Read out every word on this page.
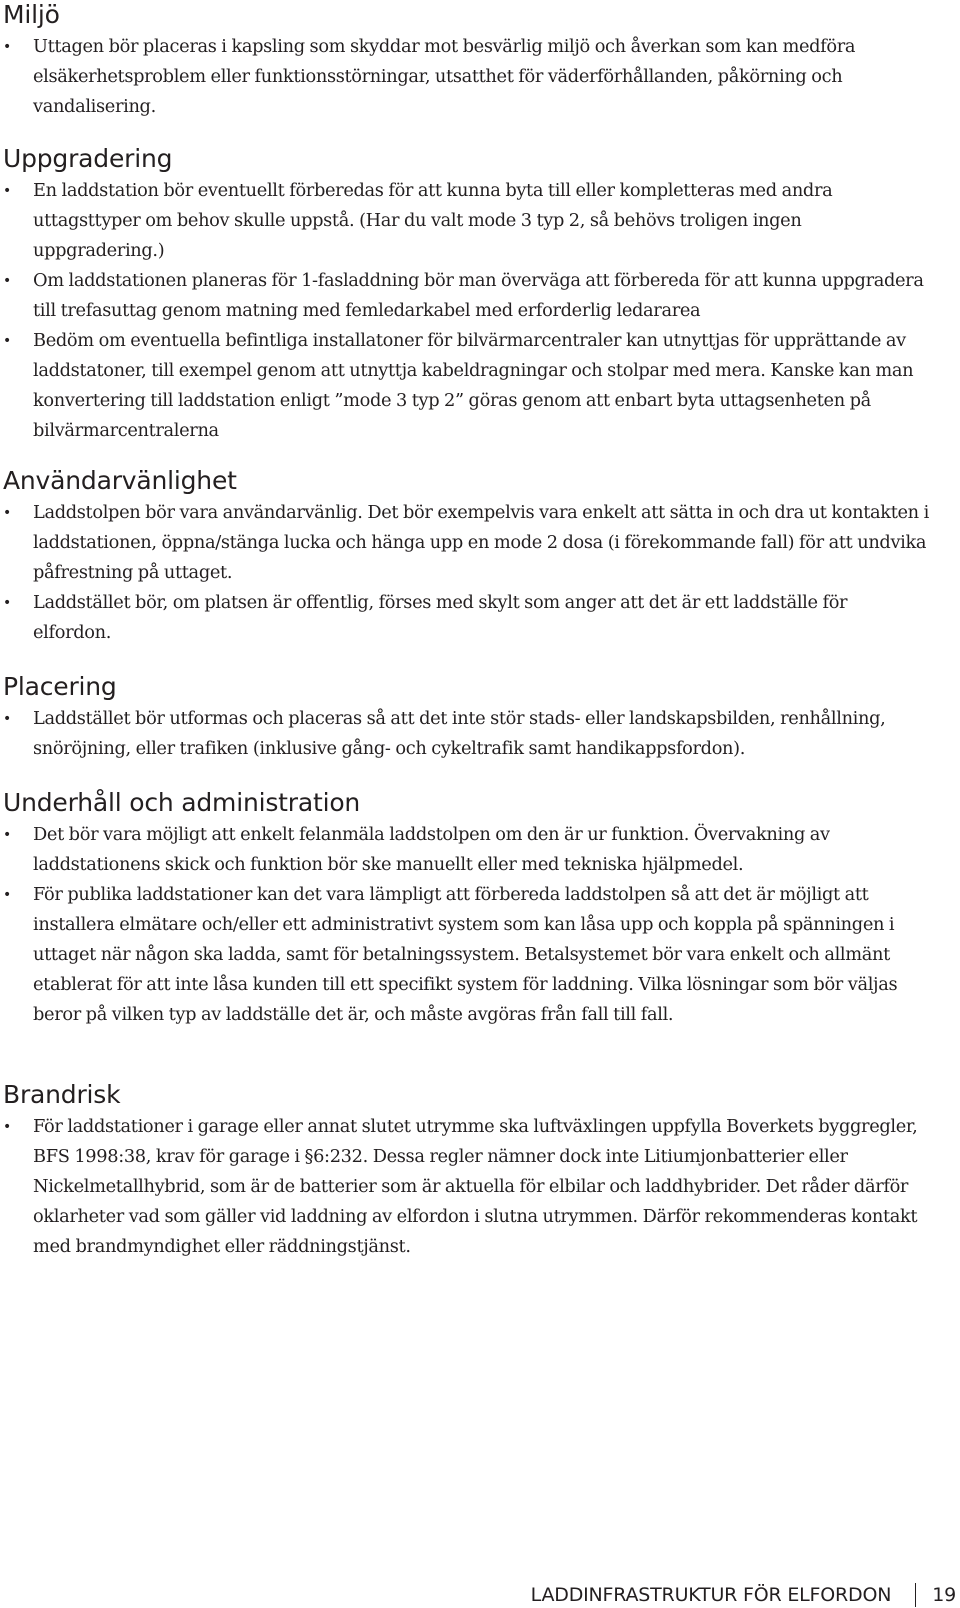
Miljö
• Uttagen bör placeras i kapsling som skyddar mot besvärlig miljö och åverkan som kan medföra elsäkerhetsproblem eller funktionsstörningar, utsatthet för väderförhållanden, påkörning och vandalisering.
Uppgradering
• En laddstation bör eventuellt förberedas för att kunna byta till eller kompletteras med andra uttagsttyper om behov skulle uppstå. (Har du valt mode 3 typ 2, så behövs troligen ingen uppgradering.)
• Om laddstationen planeras för 1-fasladdning bör man överväga att förbereda för att kunna uppgradera till trefasuttag genom matning med femledarkabel med erforderlig ledararea
• Bedöm om eventuella befintliga installatoner för bilvärmarcentraler kan utnyttjas för upprättande av laddstatoner, till exempel genom att utnyttja kabeldragningar och stolpar med mera. Kanske kan man konvertering till laddstation enligt ”mode 3 typ 2” göras genom att enbart byta uttagsenheten på bilvärmarcentralerna
Användarvänlighet
• Laddstolpen bör vara användarvänlig. Det bör exempelvis vara enkelt att sätta in och dra ut kontakten i laddstationen, öppna/stänga lucka och hänga upp en mode 2 dosa (i förekommande fall) för att undvika påfrestning på uttaget.
• Laddstället bör, om platsen är offentlig, förses med skylt som anger att det är ett laddställe för elfordon.
Placering
• Laddstället bör utformas och placeras så att det inte stör stads- eller landskapsbilden, renhållning, snöröjning, eller trafiken (inklusive gång- och cykeltrafik samt handikappsfordon).
Underhåll och administration
• Det bör vara möjligt att enkelt felanmäla laddstolpen om den är ur funktion. Övervakning av laddstationens skick och funktion bör ske manuellt eller med tekniska hjälpmedel.
• För publika laddstationer kan det vara lämpligt att förbereda laddstolpen så att det är möjligt att installera elmätare och/eller ett administrativt system som kan låsa upp och koppla på spänningen i uttaget när någon ska ladda, samt för betalningssystem. Betalsystemet bör vara enkelt och allmänt etablerat för att inte låsa kunden till ett specifikt system för laddning. Vilka lösningar som bör väljas beror på vilken typ av laddställe det är, och måste avgöras från fall till fall.
Brandrisk
• För laddstationer i garage eller annat slutet utrymme ska luftväxlingen uppfylla Boverkets byggregler, BFS 1998:38, krav för garage i §6:232. Dessa regler nämner dock inte Litiumjonbatterier eller Nickelmetallhybrid, som är de batterier som är aktuella för elbilar och laddhybrider. Det råder därför oklarheter vad som gäller vid laddning av elfordon i slutna utrymmen. Därför rekommenderas kontakt med brandmyndighet eller räddningstjänst.
LADDINFRASTRUKTUR FÖR ELFORDON 19
